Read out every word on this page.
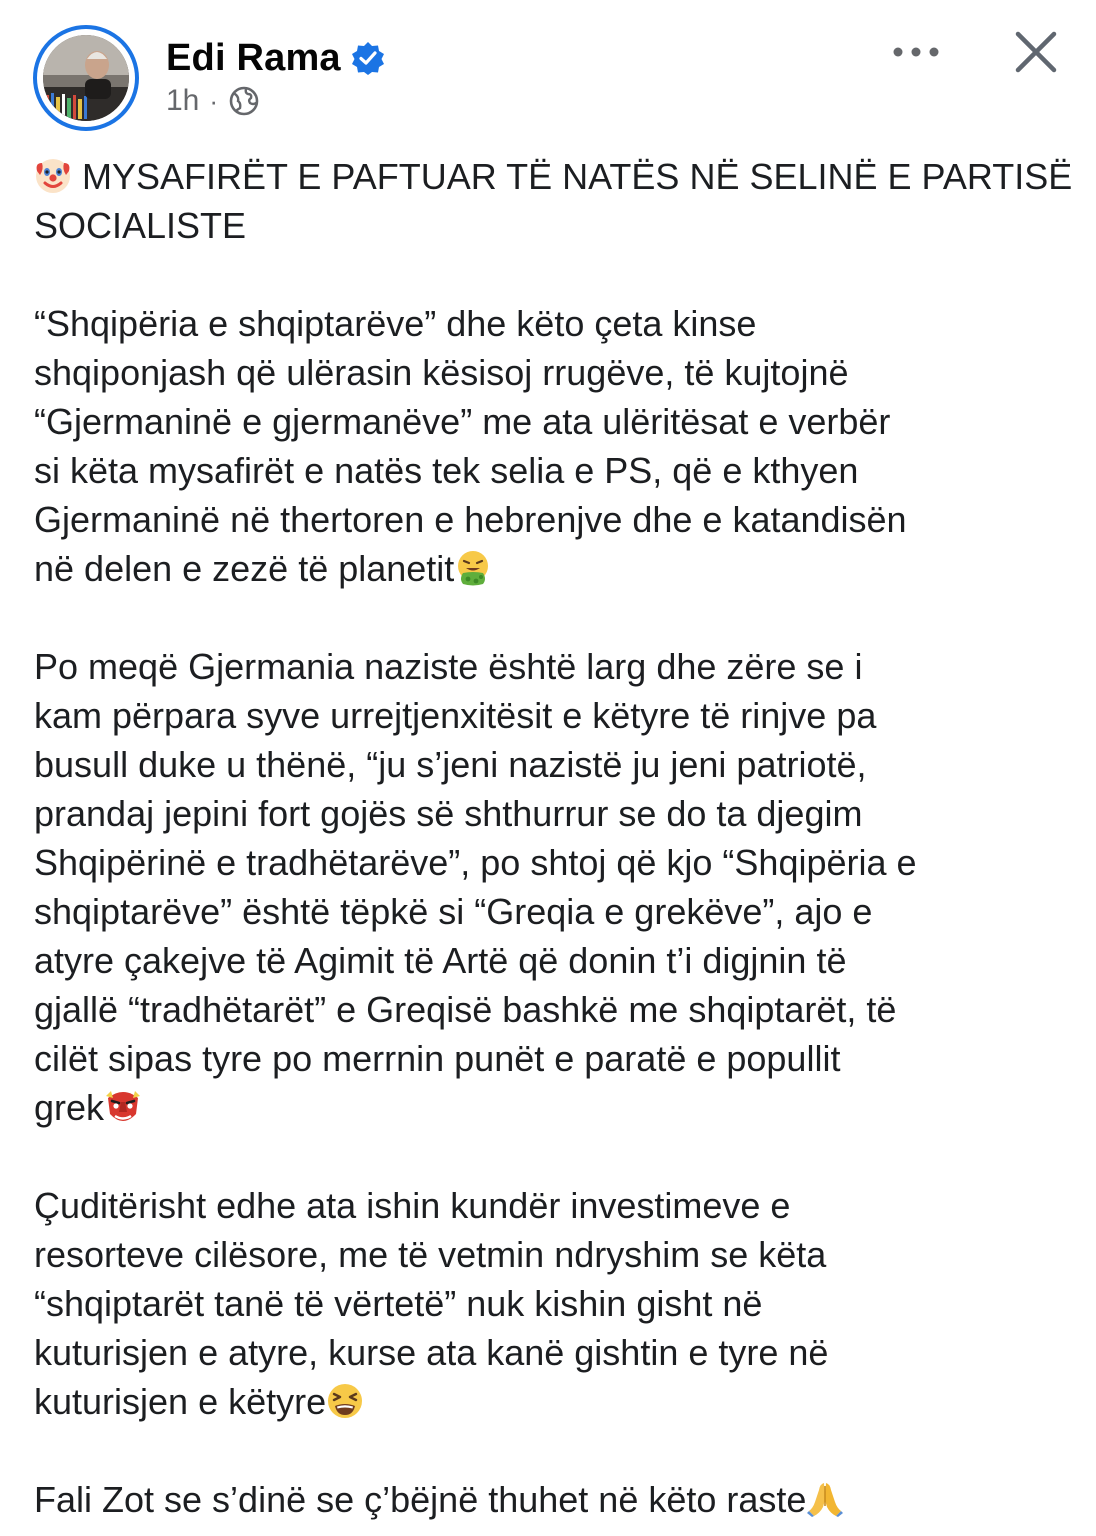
Edi Rama
1h ·

MYSAFIRËT E PAFTUAR TË NATËS NË SELINË E PARTISË SOCIALISTE

“Shqipëria e shqiptarëve” dhe këto çeta kinse
shqiponjash që ulërasin kësisoj rrugëve, të kujtojnë
“Gjermaninë e gjermanëve” me ata ulëritësat e verbër
si këta mysafirët e natës tek selia e PS, që e kthyen
Gjermaninë në thertoren e hebrenjve dhe e katandisën
në delen e zezë të planetit

Po meqë Gjermania naziste është larg dhe zëre se i
kam përpara syve urrejtjenxitësit e këtyre të rinjve pa
busull duke u thënë, “ju s’jeni nazistë ju jeni patriotë,
prandaj jepini fort gojës së shthurrur se do ta djegim
Shqipërinë e tradhëtarëve”, po shtoj që kjo “Shqipëria e
shqiptarëve” është tëpkë si “Greqia e grekëve”, ajo e
atyre çakejve të Agimit të Artë që donin t’i digjnin të
gjallë “tradhëtarët” e Greqisë bashkë me shqiptarët, të
cilët sipas tyre po merrnin punët e paratë e popullit
grek

Çuditërisht edhe ata ishin kundër investimeve e
resorteve cilësore, me të vetmin ndryshim se këta
“shqiptarët tanë të vërtetë” nuk kishin gisht në
kuturisjen e atyre, kurse ata kanë gishtin e tyre në
kuturisjen e këtyre

Fali Zot se s’dinë se ç’bëjnë thuhet në këto raste
